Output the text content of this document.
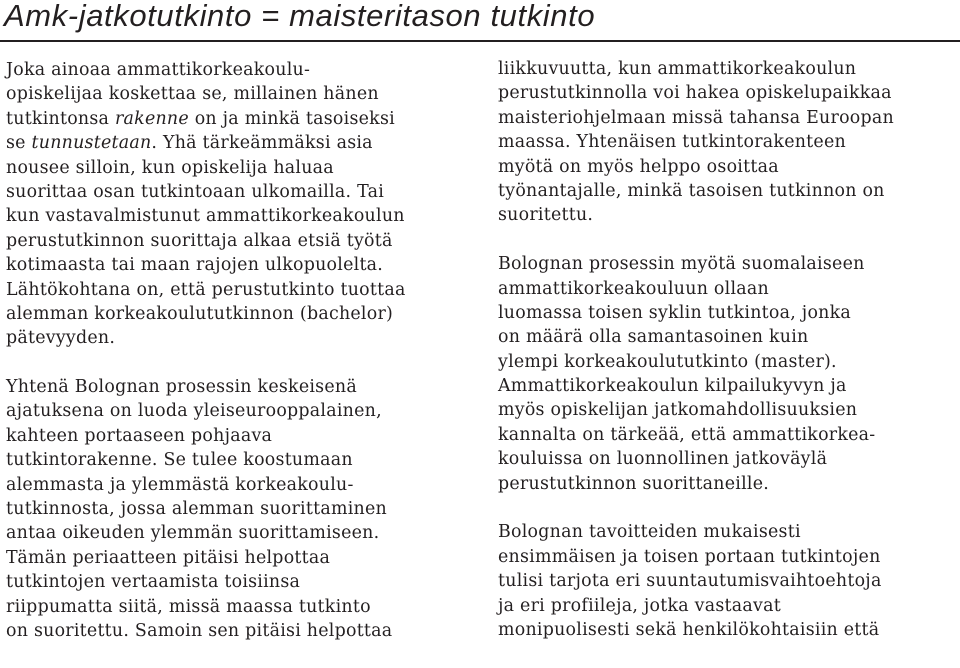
Amk-jatkotutkinto = maisteritason tutkinto

Joka ainoaa ammattikorkeakoulu-
opiskelijaa koskettaa se, millainen hänen
tutkintonsa rakenne on ja minkä tasoiseksi
se tunnustetaan. Yhä tärkeämmäksi asia
nousee silloin, kun opiskelija haluaa
suorittaa osan tutkintoaan ulkomailla. Tai
kun vastavalmistunut ammattikorkeakoulun
perustutkinnon suorittaja alkaa etsiä työtä
kotimaasta tai maan rajojen ulkopuolelta.
Lähtökohtana on, että perustutkinto tuottaa
alemman korkeakoulututkinnon (bachelor)
pätevyyden.

Yhtenä Bolognan prosessin keskeisenä
ajatuksena on luoda yleiseurooppalainen,
kahteen portaaseen pohjaava
tutkintorakenne. Se tulee koostumaan
alemmasta ja ylemmästä korkeakoulu-
tutkinnosta, jossa alemman suorittaminen
antaa oikeuden ylemmän suorittamiseen.
Tämän periaatteen pitäisi helpottaa
tutkintojen vertaamista toisiinsa
riippumatta siitä, missä maassa tutkinto
on suoritettu. Samoin sen pitäisi helpottaa

liikkuvuutta, kun ammattikorkeakoulun
perustutkinnolla voi hakea opiskelupaikkaa
maisteriohjelmaan missä tahansa Euroopan
maassa. Yhtenäisen tutkintorakenteen
myötä on myös helppo osoittaa
työnantajalle, minkä tasoisen tutkinnon on
suoritettu.

Bolognan prosessin myötä suomalaiseen
ammattikorkeakouluun ollaan
luomassa toisen syklin tutkintoa, jonka
on määrä olla samantasoinen kuin
ylempi korkeakoulututkinto (master).
Ammattikorkeakoulun kilpailukyvyn ja
myös opiskelijan jatkomahdollisuuksien
kannalta on tärkeää, että ammattikorkea-
kouluissa on luonnollinen jatkoväylä
perustutkinnon suorittaneille.

Bolognan tavoitteiden mukaisesti
ensimmäisen ja toisen portaan tutkintojen
tulisi tarjota eri suuntautumisvaihtoehtoja
ja eri profiileja, jotka vastaavat
monipuolisesti sekä henkilökohtaisiin että
